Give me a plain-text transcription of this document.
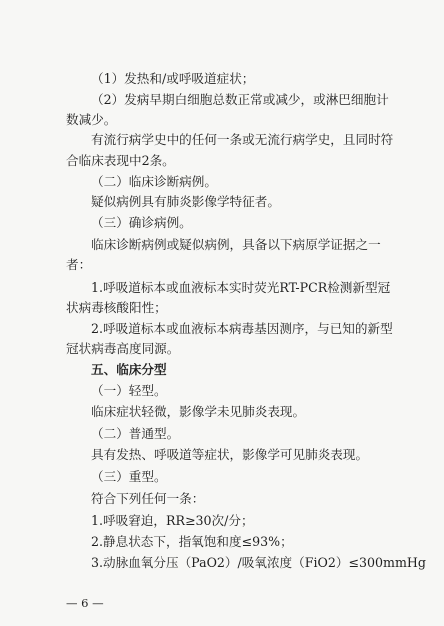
（1）发热和/或呼吸道症状；
（2）发病早期白细胞总数正常或减少，或淋巴细胞计
数减少。
有流行病学史中的任何一条或无流行病学史，且同时符
合临床表现中2条。
（二）临床诊断病例。
疑似病例具有肺炎影像学特征者。
（三）确诊病例。
临床诊断病例或疑似病例，具备以下病原学证据之一
者：
1.呼吸道标本或血液标本实时荧光RT-PCR检测新型冠
状病毒核酸阳性；
2.呼吸道标本或血液标本病毒基因测序，与已知的新型
冠状病毒高度同源。
五、临床分型
（一）轻型。
临床症状轻微，影像学未见肺炎表现。
（二）普通型。
具有发热、呼吸道等症状，影像学可见肺炎表现。
（三）重型。
符合下列任何一条：
1.呼吸窘迫，RR≥30次/分；
2.静息状态下，指氧饱和度≤93%；
3.动脉血氧分压（PaO2）/吸氧浓度（FiO2）≤300mmHg
— 6 —
